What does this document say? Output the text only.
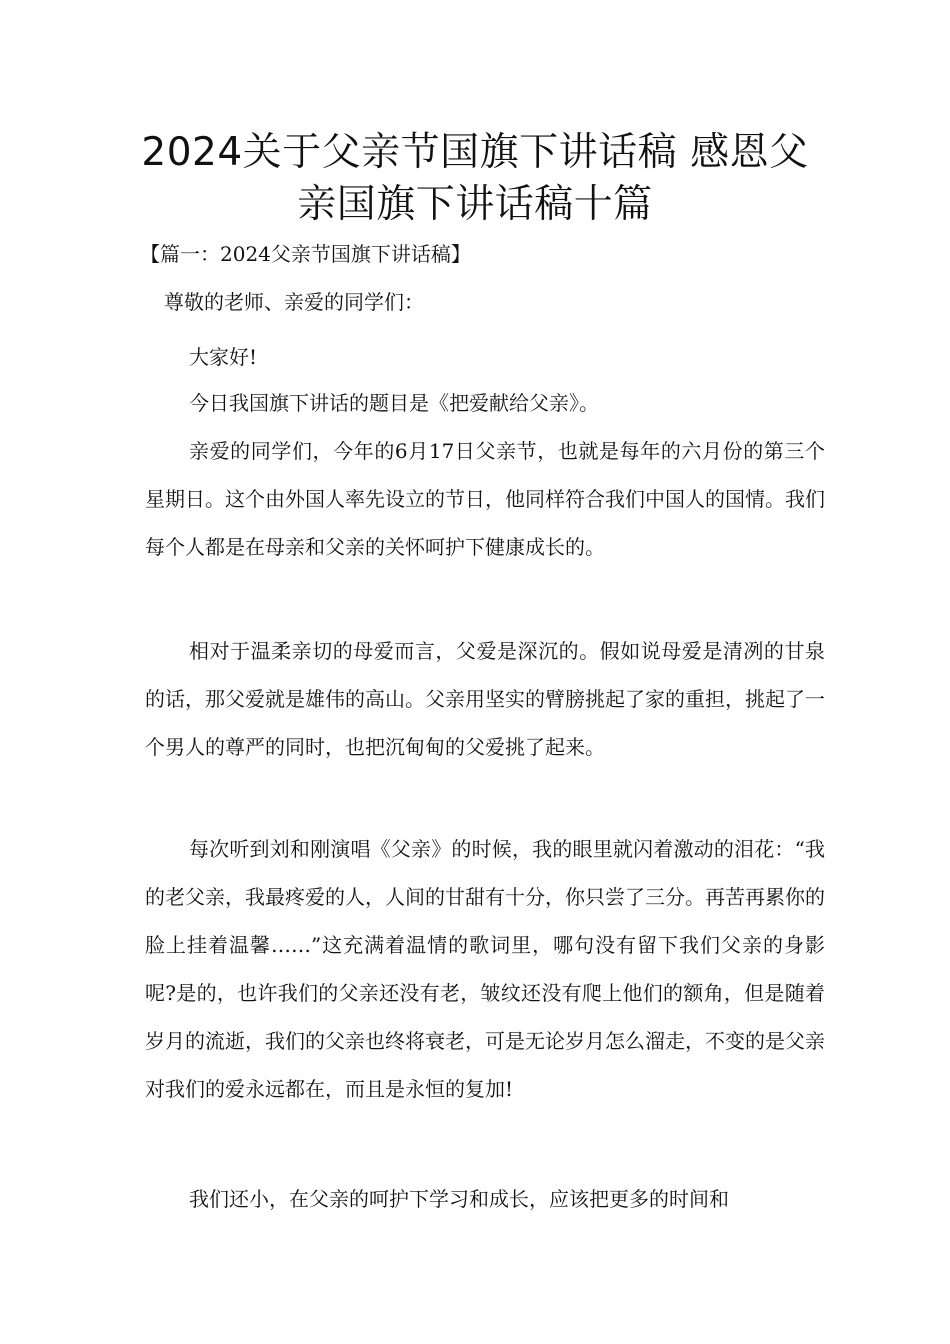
2024关于父亲节国旗下讲话稿 感恩父
亲国旗下讲话稿十篇
【篇一：2024父亲节国旗下讲话稿】
尊敬的老师、亲爱的同学们：
大家好!
今日我国旗下讲话的题目是《把爱献给父亲》。
亲爱的同学们，今年的6月17日父亲节，也就是每年的六月份的第三个星期日。这个由外国人率先设立的节日，他同样符合我们中国人的国情。我们每个人都是在母亲和父亲的关怀呵护下健康成长的。
相对于温柔亲切的母爱而言，父爱是深沉的。假如说母爱是清冽的甘泉的话，那父爱就是雄伟的高山。父亲用坚实的臂膀挑起了家的重担，挑起了一个男人的尊严的同时，也把沉甸甸的父爱挑了起来。
每次听到刘和刚演唱《父亲》的时候，我的眼里就闪着激动的泪花：“我的老父亲，我最疼爱的人，人间的甘甜有十分，你只尝了三分。再苦再累你的脸上挂着温馨……”这充满着温情的歌词里，哪句没有留下我们父亲的身影呢?是的，也许我们的父亲还没有老，皱纹还没有爬上他们的额角，但是随着岁月的流逝，我们的父亲也终将衰老，可是无论岁月怎么溜走，不变的是父亲对我们的爱永远都在，而且是永恒的复加!
我们还小，在父亲的呵护下学习和成长，应该把更多的时间和
